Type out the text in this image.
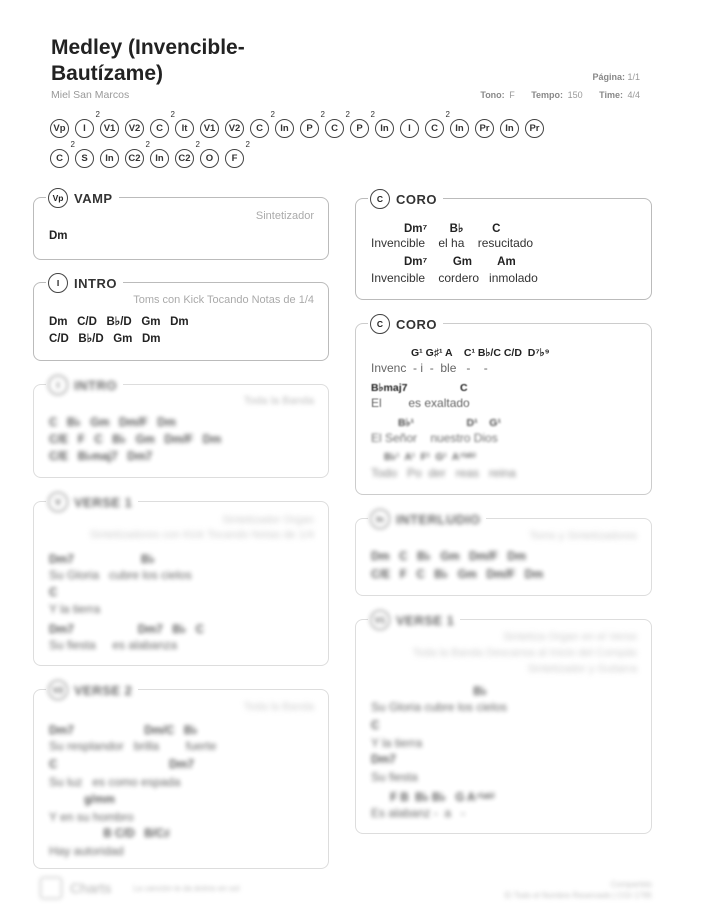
Medley (Invencible-Bautízame)
Miel San Marcos
Página: 1/1
Tono: F Tempo: 150 Time: 4/4
Vp	I
2
V1	V2	C
2
It	V1	V2	C
2
In	P
2
C
2
P
2
In	I	C
2
In	Pr	In	Pr
C
2
S	In	C2
2
In	C2
2
O	F
2
Vp VAMP
Sintetizador
Dm
I	INTRO
Toms con Kick Tocando Notas de 1/4
Dm   C/D   B♭/D   Gm   Dm
C/D   B♭/D   Gm   Dm
I	INTRO
Toda la Banda
C   B♭   Gm   Dm/F   Dm
C/E   F   C   B♭   Gm   Dm/F   Dm
C/E   B♭maj7   Dm7
V	VERSE 1
Sintetizador Organ
Sintetizadores con Kick Tocando Notas de 1/4
Dm7                     B♭
Su Gloria   cubre los cielos
C
Y la tierra
Dm7                    Dm7   B♭   C
Su fiesta     es alabanza
V2 VERSE 2
Toda la Banda
Dm7                      Dm/C   B♭
Su resplandor   brilla        fuerte
C                                   Dm7
Su luz   es como espada
g/mm
Y en su hombro
B C/D   B/C♯
Hay autoridad
C CORO
Dm⁷       B♭         C
Invencible    el ha    resucitado
Dm⁷        Gm        Am
Invencible    cordero   inmolado
C CORO
G¹ G♯¹ A    C¹ B♭/C C/D  D⁷♭⁹
Invenc  - i  -  ble   -    -
B♭maj7                  C
El        es exaltado
B♭¹                  D¹    G¹
El Señor    nuestro Dios
B♭¹  A¹  F¹  G¹  A⁷⁽ᵃᵇ⁾
Todo   Po  der   reas   reina
In INTERLUDIO
Toms y Sintetizadores
Dm   C   B♭   Gm   Dm/F   Dm
C/E   F   C   B♭   Gm   Dm/F   Dm
V1 VERSE 1
Sintetiza Organ en el Verso
Toda la Banda Descansa al Inicio del Compás
Sintetizador y Guitarra
B♭
Su Gloria cubre los cielos
C
Y la tierra
Dm7
Su fiesta
F B  B♭ B♭   G A⁷⁽ᵃᵇ⁾
Es alabanz -  a   -
Charts	La canción te da ánimo en sol	Compartido
El Todo el Nombre Reservado | CGI 1795
